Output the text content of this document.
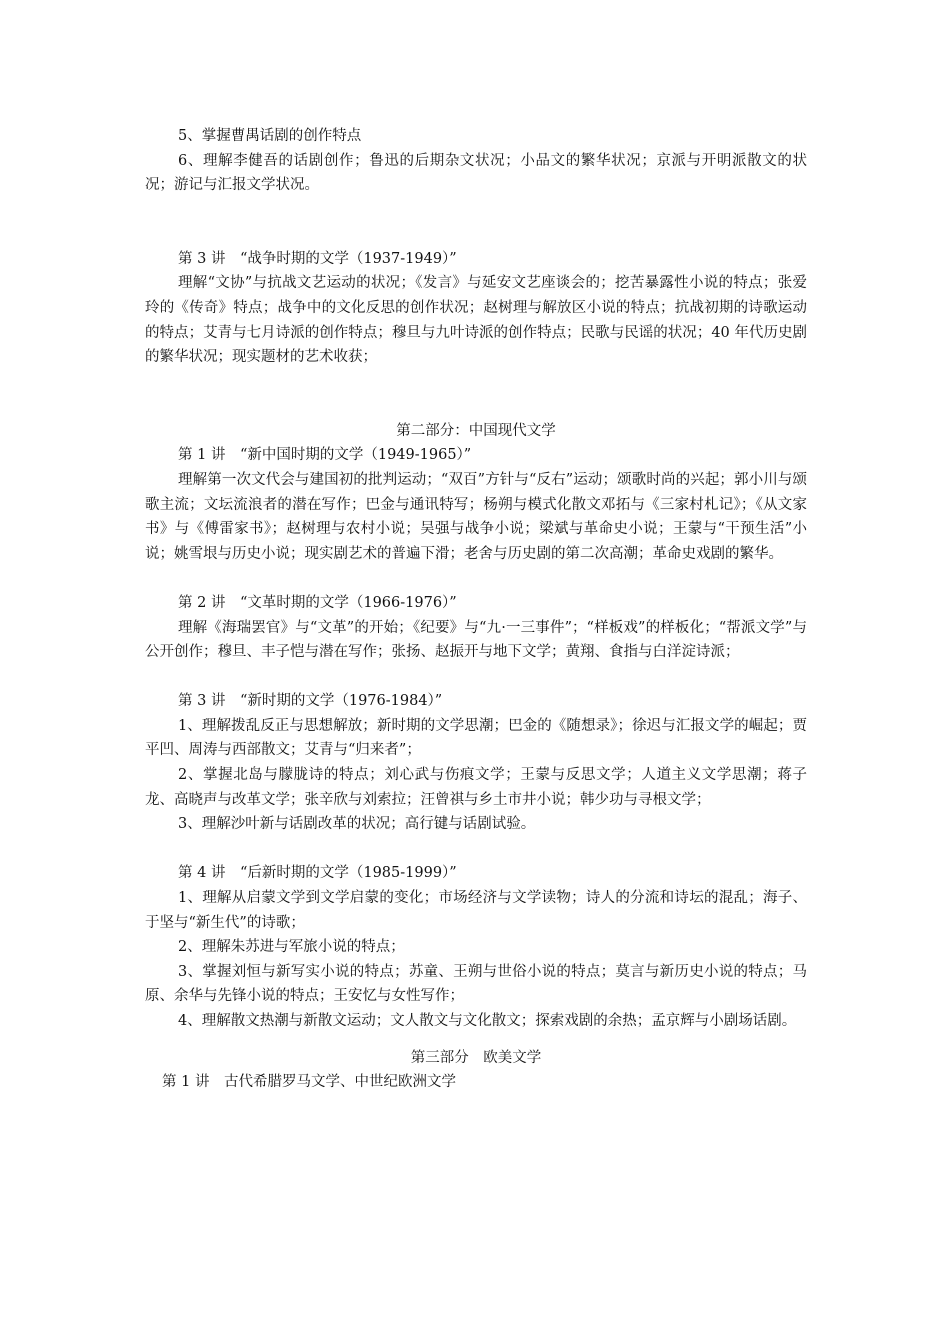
5、掌握曹禺话剧的创作特点

6、理解李健吾的话剧创作；鲁迅的后期杂文状况；小品文的繁华状况；京派与开明派散文的状况；游记与汇报文学状况。

第 3 讲　“战争时期的文学（1937-1949）”

理解“文协”与抗战文艺运动的状况；《发言》与延安文艺座谈会的；挖苦暴露性小说的特点；张爱玲的《传奇》特点；战争中的文化反思的创作状况；赵树理与解放区小说的特点；抗战初期的诗歌运动的特点；艾青与七月诗派的创作特点；穆旦与九叶诗派的创作特点；民歌与民谣的状况；40 年代历史剧的繁华状况；现实题材的艺术收获；

第二部分：中国现代文学

第 1 讲　“新中国时期的文学（1949-1965）”

理解第一次文代会与建国初的批判运动；“双百”方针与“反右”运动；颂歌时尚的兴起；郭小川与颂歌主流；文坛流浪者的潜在写作；巴金与通讯特写；杨朔与模式化散文邓拓与《三家村札记》；《从文家书》与《傅雷家书》；赵树理与农村小说；吴强与战争小说；梁斌与革命史小说；王蒙与“干预生活”小说；姚雪垠与历史小说；现实剧艺术的普遍下滑；老舍与历史剧的第二次高潮；革命史戏剧的繁华。

第 2 讲　“文革时期的文学（1966-1976）”

理解《海瑞罢官》与“文革”的开始；《纪要》与“九·一三事件”；“样板戏”的样板化；“帮派文学”与公开创作；穆旦、丰子恺与潜在写作；张扬、赵振开与地下文学；黄翔、食指与白洋淀诗派；

第 3 讲　“新时期的文学（1976-1984）”

1、理解拨乱反正与思想解放；新时期的文学思潮；巴金的《随想录》；徐迟与汇报文学的崛起；贾平凹、周涛与西部散文；艾青与“归来者”；

2、掌握北岛与朦胧诗的特点；刘心武与伤痕文学；王蒙与反思文学；人道主义文学思潮；蒋子龙、高晓声与改革文学；张辛欣与刘索拉；汪曾祺与乡土市井小说；韩少功与寻根文学；

3、理解沙叶新与话剧改革的状况；高行键与话剧试验。

第 4 讲　“后新时期的文学（1985-1999）”

1、理解从启蒙文学到文学启蒙的变化；市场经济与文学读物；诗人的分流和诗坛的混乱；海子、于坚与“新生代”的诗歌；

2、理解朱苏进与军旅小说的特点；

3、掌握刘恒与新写实小说的特点；苏童、王朔与世俗小说的特点；莫言与新历史小说的特点；马原、余华与先锋小说的特点；王安忆与女性写作；

4、理解散文热潮与新散文运动；文人散文与文化散文；探索戏剧的余热；孟京辉与小剧场话剧。

第三部分　欧美文学

第 1 讲　古代希腊罗马文学、中世纪欧洲文学
